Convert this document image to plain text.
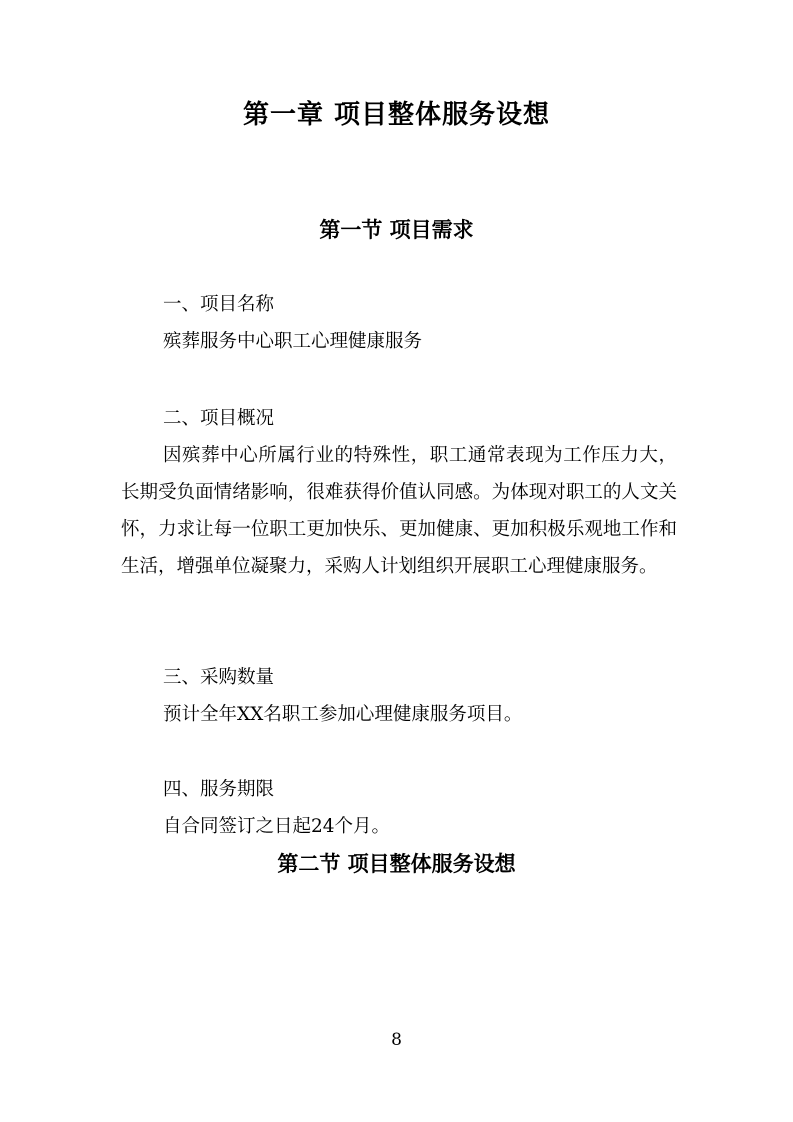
第一章 项目整体服务设想
第一节 项目需求

一、项目名称

殡葬服务中心职工心理健康服务

二、项目概况

因殡葬中心所属行业的特殊性，职工通常表现为工作压力大，长期受负面情绪影响，很难获得价值认同感。为体现对职工的人文关怀，力求让每一位职工更加快乐、更加健康、更加积极乐观地工作和生活，增强单位凝聚力，采购人计划组织开展职工心理健康服务。

三、采购数量

预计全年XX名职工参加心理健康服务项目。

四、服务期限

自合同签订之日起24个月。

第二节 项目整体服务设想

8
